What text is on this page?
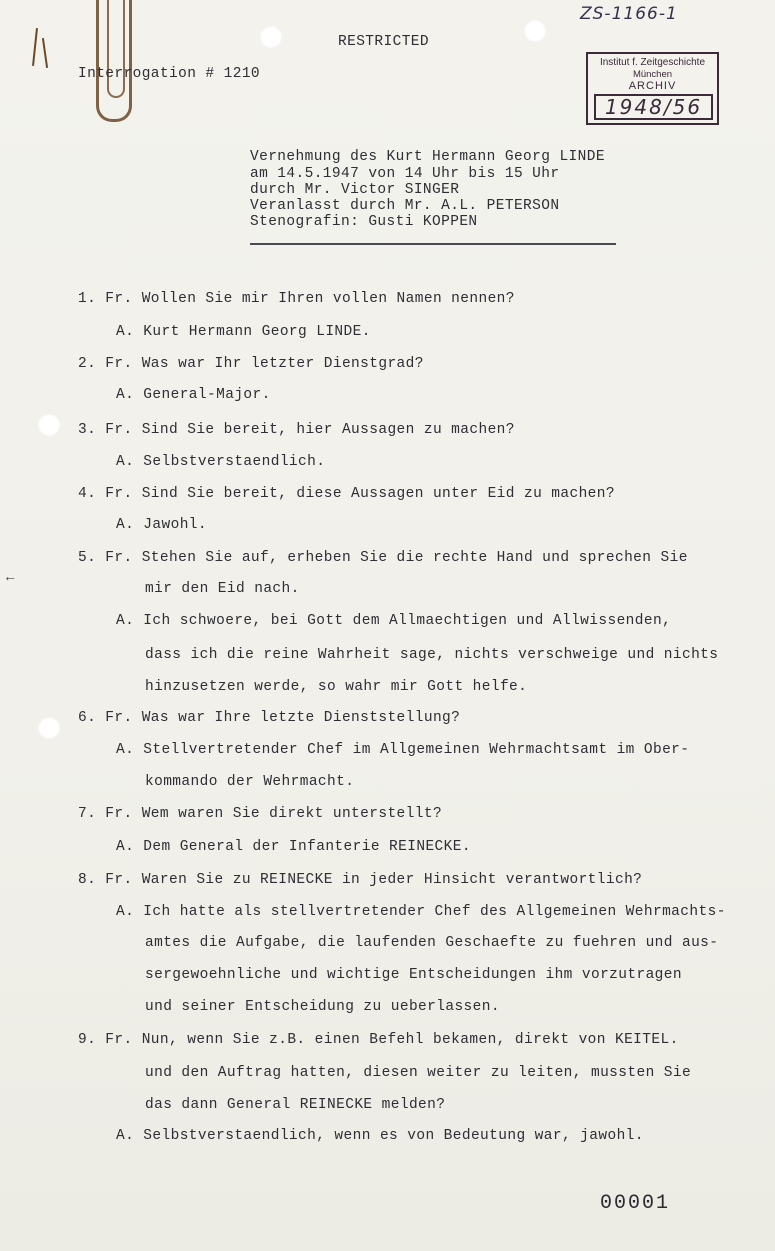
ZS-1166-1
RESTRICTED
Interrogation # 1210
Institut f. Zeitgeschichte
München
ARCHIV
1948/56
Vernehmung des Kurt Hermann Georg LINDE
am 14.5.1947 von 14 Uhr bis 15 Uhr
durch Mr. Victor SINGER
Veranlasst durch Mr. A.L. PETERSON
Stenografin: Gusti KOPPEN
←
1. Fr. Wollen Sie mir Ihren vollen Namen nennen?
A. Kurt Hermann Georg LINDE.
2. Fr. Was war Ihr letzter Dienstgrad?
A. General-Major.
3. Fr. Sind Sie bereit, hier Aussagen zu machen?
A. Selbstverstaendlich.
4. Fr. Sind Sie bereit, diese Aussagen unter Eid zu machen?
A. Jawohl.
5. Fr. Stehen Sie auf, erheben Sie die rechte Hand und sprechen Sie
mir den Eid nach.
A. Ich schwoere, bei Gott dem Allmaechtigen und Allwissenden,
dass ich die reine Wahrheit sage, nichts verschweige und nichts
hinzusetzen werde, so wahr mir Gott helfe.
6. Fr. Was war Ihre letzte Dienststellung?
A. Stellvertretender Chef im Allgemeinen Wehrmachtsamt im Ober-
kommando der Wehrmacht.
7. Fr. Wem waren Sie direkt unterstellt?
A. Dem General der Infanterie REINECKE.
8. Fr. Waren Sie zu REINECKE in jeder Hinsicht verantwortlich?
A. Ich hatte als stellvertretender Chef des Allgemeinen Wehrmachts-
amtes die Aufgabe, die laufenden Geschaefte zu fuehren und aus-
sergewoehnliche und wichtige Entscheidungen ihm vorzutragen
und seiner Entscheidung zu ueberlassen.
9. Fr. Nun, wenn Sie z.B. einen Befehl bekamen, direkt von KEITEL.
und den Auftrag hatten, diesen weiter zu leiten, mussten Sie
das dann General REINECKE melden?
A. Selbstverstaendlich, wenn es von Bedeutung war, jawohl.
00001
